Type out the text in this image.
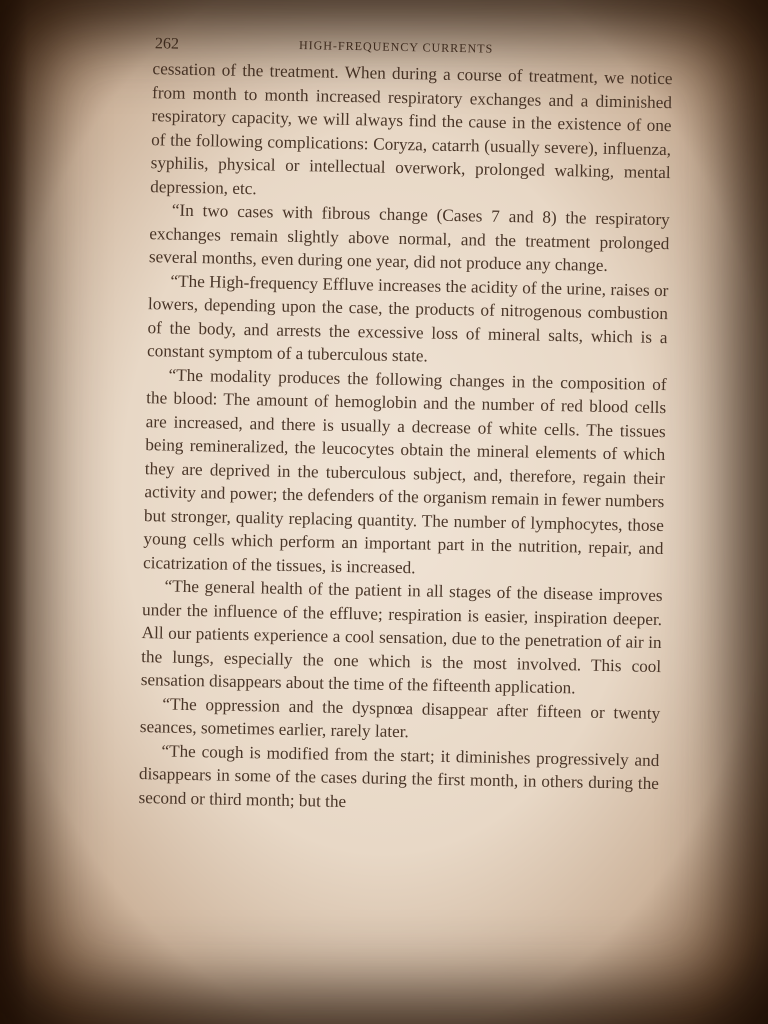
262	HIGH-FREQUENCY CURRENTS

cessation of the treatment. When during a course of treatment, we notice from month to month increased respiratory exchanges and a diminished respiratory capacity, we will always find the cause in the existence of one of the following complications: Coryza, catarrh (usually severe), influenza, syphilis, physical or intellectual overwork, prolonged walking, mental depression, etc.

“In two cases with fibrous change (Cases 7 and 8) the respiratory exchanges remain slightly above normal, and the treatment prolonged several months, even during one year, did not produce any change.

“The High-frequency Effluve increases the acidity of the urine, raises or lowers, depending upon the case, the products of nitrogenous combustion of the body, and arrests the excessive loss of mineral salts, which is a constant symptom of a tuberculous state.

“The modality produces the following changes in the composition of the blood: The amount of hemoglobin and the number of red blood cells are increased, and there is usually a decrease of white cells. The tissues being remineralized, the leucocytes obtain the mineral elements of which they are deprived in the tuberculous subject, and, therefore, regain their activity and power; the defenders of the organism remain in fewer numbers but stronger, quality replacing quantity. The number of lymphocytes, those young cells which perform an important part in the nutrition, repair, and cicatrization of the tissues, is increased.

“The general health of the patient in all stages of the disease improves under the influence of the effluve; respiration is easier, inspiration deeper. All our patients experience a cool sensation, due to the penetration of air in the lungs, especially the one which is the most involved. This cool sensation disappears about the time of the fifteenth application.

“The oppression and the dyspnœa disappear after fifteen or twenty seances, sometimes earlier, rarely later.

“The cough is modified from the start; it diminishes progressively and disappears in some of the cases during the first month, in others during the second or third month; but the
